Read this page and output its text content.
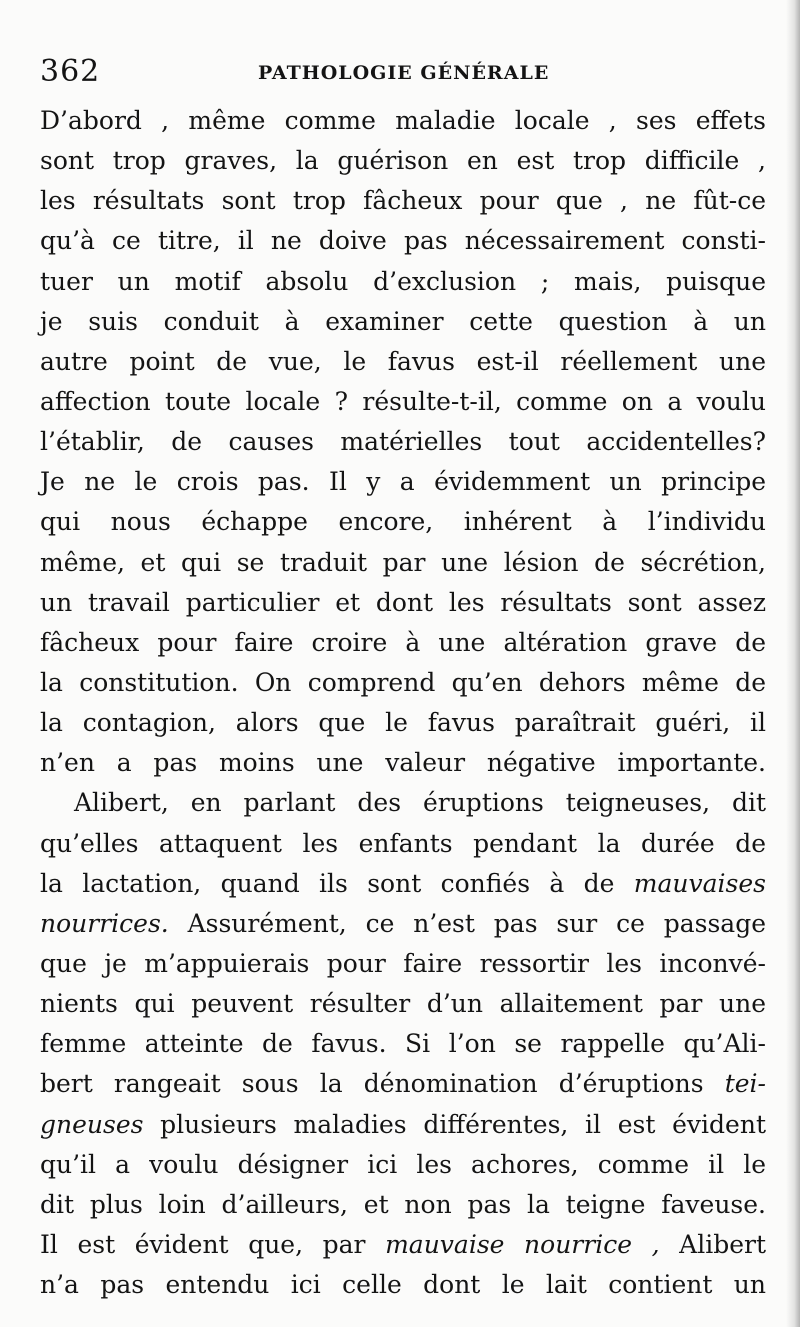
362	PATHOLOGIE GÉNÉRALE
D’abord , même comme maladie locale , ses effets
sont trop graves, la guérison en est trop difficile ,
les résultats sont trop fâcheux pour que , ne fût-ce
qu’à ce titre, il ne doive pas nécessairement consti-
tuer un motif absolu d’exclusion ; mais, puisque
je suis conduit à examiner cette question à un
autre point de vue, le favus est-il réellement une
affection toute locale ? résulte-t-il, comme on a voulu
l’établir, de causes matérielles tout accidentelles?
Je ne le crois pas. Il y a évidemment un principe
qui nous échappe encore, inhérent à l’individu
même, et qui se traduit par une lésion de sécrétion,
un travail particulier et dont les résultats sont assez
fâcheux pour faire croire à une altération grave de
la constitution. On comprend qu’en dehors même de
la contagion, alors que le favus paraîtrait guéri, il
n’en a pas moins une valeur négative importante.
Alibert, en parlant des éruptions teigneuses, dit
qu’elles attaquent les enfants pendant la durée de
la lactation, quand ils sont confiés à de mauvaises
nourrices. Assurément, ce n’est pas sur ce passage
que je m’appuierais pour faire ressortir les inconvé-
nients qui peuvent résulter d’un allaitement par une
femme atteinte de favus. Si l’on se rappelle qu’Ali-
bert rangeait sous la dénomination d’éruptions tei-
gneuses plusieurs maladies différentes, il est évident
qu’il a voulu désigner ici les achores, comme il le
dit plus loin d’ailleurs, et non pas la teigne faveuse.
Il est évident que, par mauvaise nourrice , Alibert
n’a pas entendu ici celle dont le lait contient un
